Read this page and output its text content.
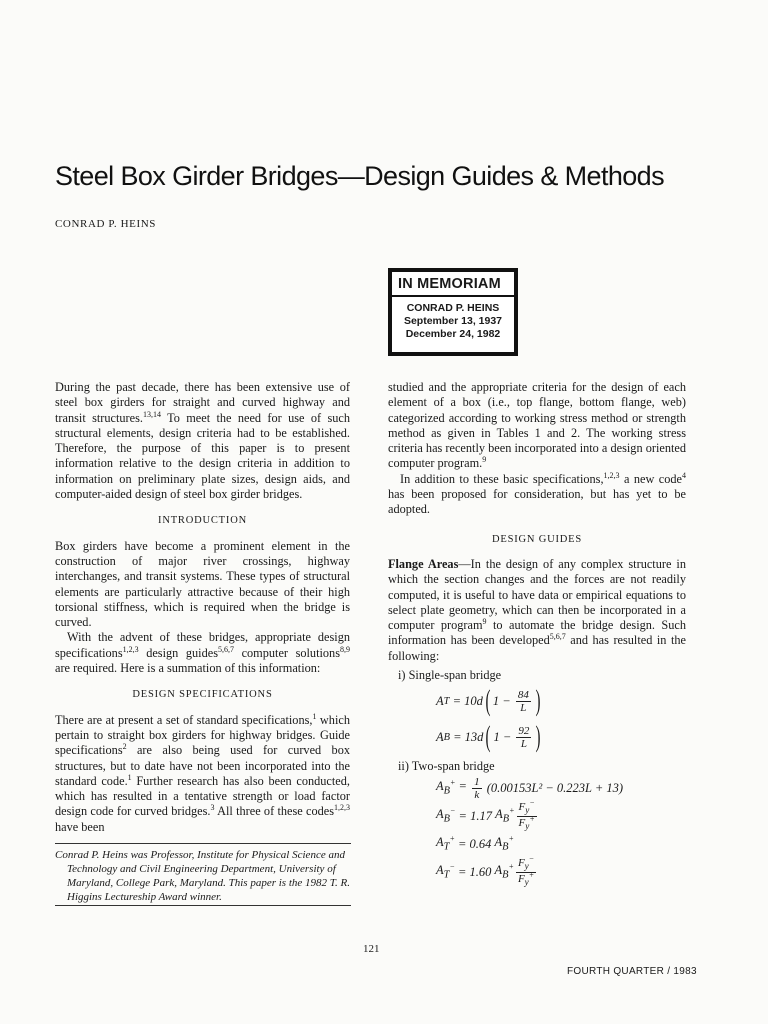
Steel Box Girder Bridges—Design Guides & Methods
CONRAD P. HEINS
IN MEMORIAM
CONRAD P. HEINS
September 13, 1937
December 24, 1982

During the past decade, there has been extensive use of steel box girders for straight and curved highway and transit structures.$^{13,14}$ To meet the need for use of such structural elements, design criteria had to be established. Therefore, the purpose of this paper is to present information relative to the design criteria in addition to information on preliminary plate sizes, design aids, and computer-aided design of steel box girder bridges.

INTRODUCTION

Box girders have become a prominent element in the construction of major river crossings, highway interchanges, and transit systems. These types of structural elements are particularly attractive because of their high torsional stiffness, which is required when the bridge is curved.

With the advent of these bridges, appropriate design specifications$^{1,2,3}$ design guides$^{5,6,7}$ computer solutions$^{8,9}$ are required. Here is a summation of this information:

DESIGN SPECIFICATIONS

There are at present a set of standard specifications,$^1$ which pertain to straight box girders for highway bridges. Guide specifications$^2$ are also being used for curved box structures, but to date have not been incorporated into the standard code.$^1$ Further research has also been conducted, which has resulted in a tentative strength or load factor design code for curved bridges.$^3$ All three of these codes$^{1,2,3}$ have been

studied and the appropriate criteria for the design of each element of a box (i.e., top flange, bottom flange, web) categorized according to working stress method or strength method as given in Tables 1 and 2. The working stress criteria has recently been incorporated into a design oriented computer program.$^9$

In addition to these basic specifications,$^{1,2,3}$ a new code$^4$ has been proposed for consideration, but has yet to be adopted.

DESIGN GUIDES

Flange Areas—In the design of any complex structure in which the section changes and the forces are not readily computed, it is useful to have data or empirical equations to select plate geometry, which can then be incorporated in a computer program$^9$ to automate the bridge design. Such information has been developed$^{5,6,7}$ and has resulted in the following:

i) Single-span bridge
A T
= 10d ( $1 - \frac{84}{L}$ )
A B
= 13d ( $1 - \frac{92}{L}$ )
ii) Two-span bridge
$A_B^+ = \frac{1}{k}$
(0.00153L² − 0.223L + 13)
$A_B^- = 1.17$ $A_B^+ \frac{F_y^-}{F_y^+}$
$A_T^+ = 0.64$ $A_B^+$
$A_T^- = 1.60$ $A_B^+ \frac{F_y^-}{F_y^+}$
Conrad P. Heins was Professor, Institute for Physical Science and Technology and Civil Engineering Department, University of Maryland, College Park, Maryland. This paper is the 1982 T. R. Higgins Lectureship Award winner.
121
FOURTH QUARTER / 1983
